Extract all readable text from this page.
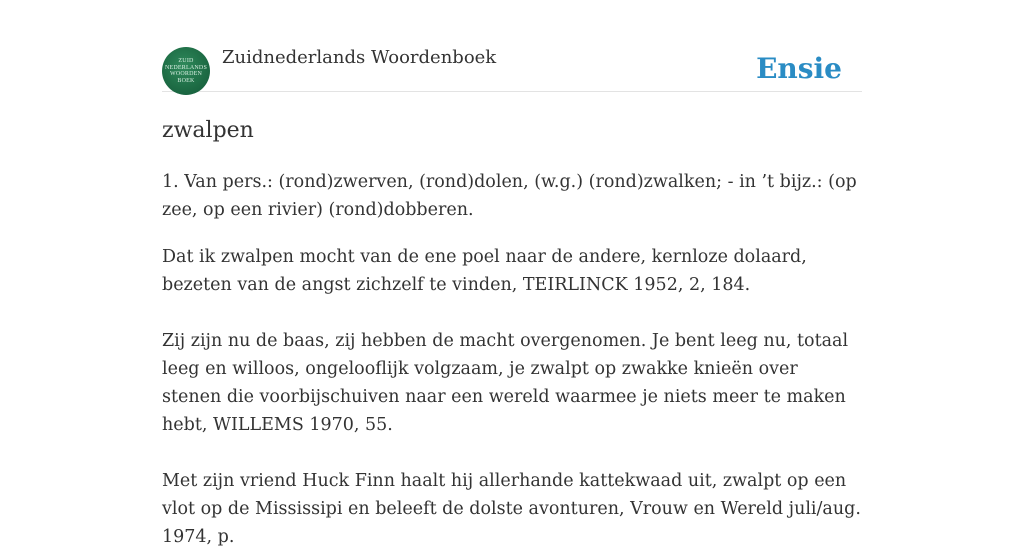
ZUID
NEDERLANDS
WOORDEN
BOEK
Zuidnederlands Woordenboek	Ensie
zwalpen

1. Van pers.: (rond)zwerven, (rond)dolen, (w.g.) (rond)zwalken; - in ’t bijz.: (op zee, op een rivier) (rond)dobberen.

Dat ik zwalpen mocht van de ene poel naar de andere, kernloze dolaard, bezeten van de angst zichzelf te vinden, TEIRLINCK 1952, 2, 184.

Zij zijn nu de baas, zij hebben de macht overgenomen. Je bent leeg nu, totaal leeg en willoos, ongelooflijk volgzaam, je zwalpt op zwakke knieën over stenen die voorbijschuiven naar een wereld waarmee je niets meer te maken hebt, WILLEMS 1970, 55.

Met zijn vriend Huck Finn haalt hij allerhande kattekwaad uit, zwalpt op een vlot op de Mississipi en beleeft de dolste avonturen, Vrouw en Wereld juli/aug. 1974, p.
